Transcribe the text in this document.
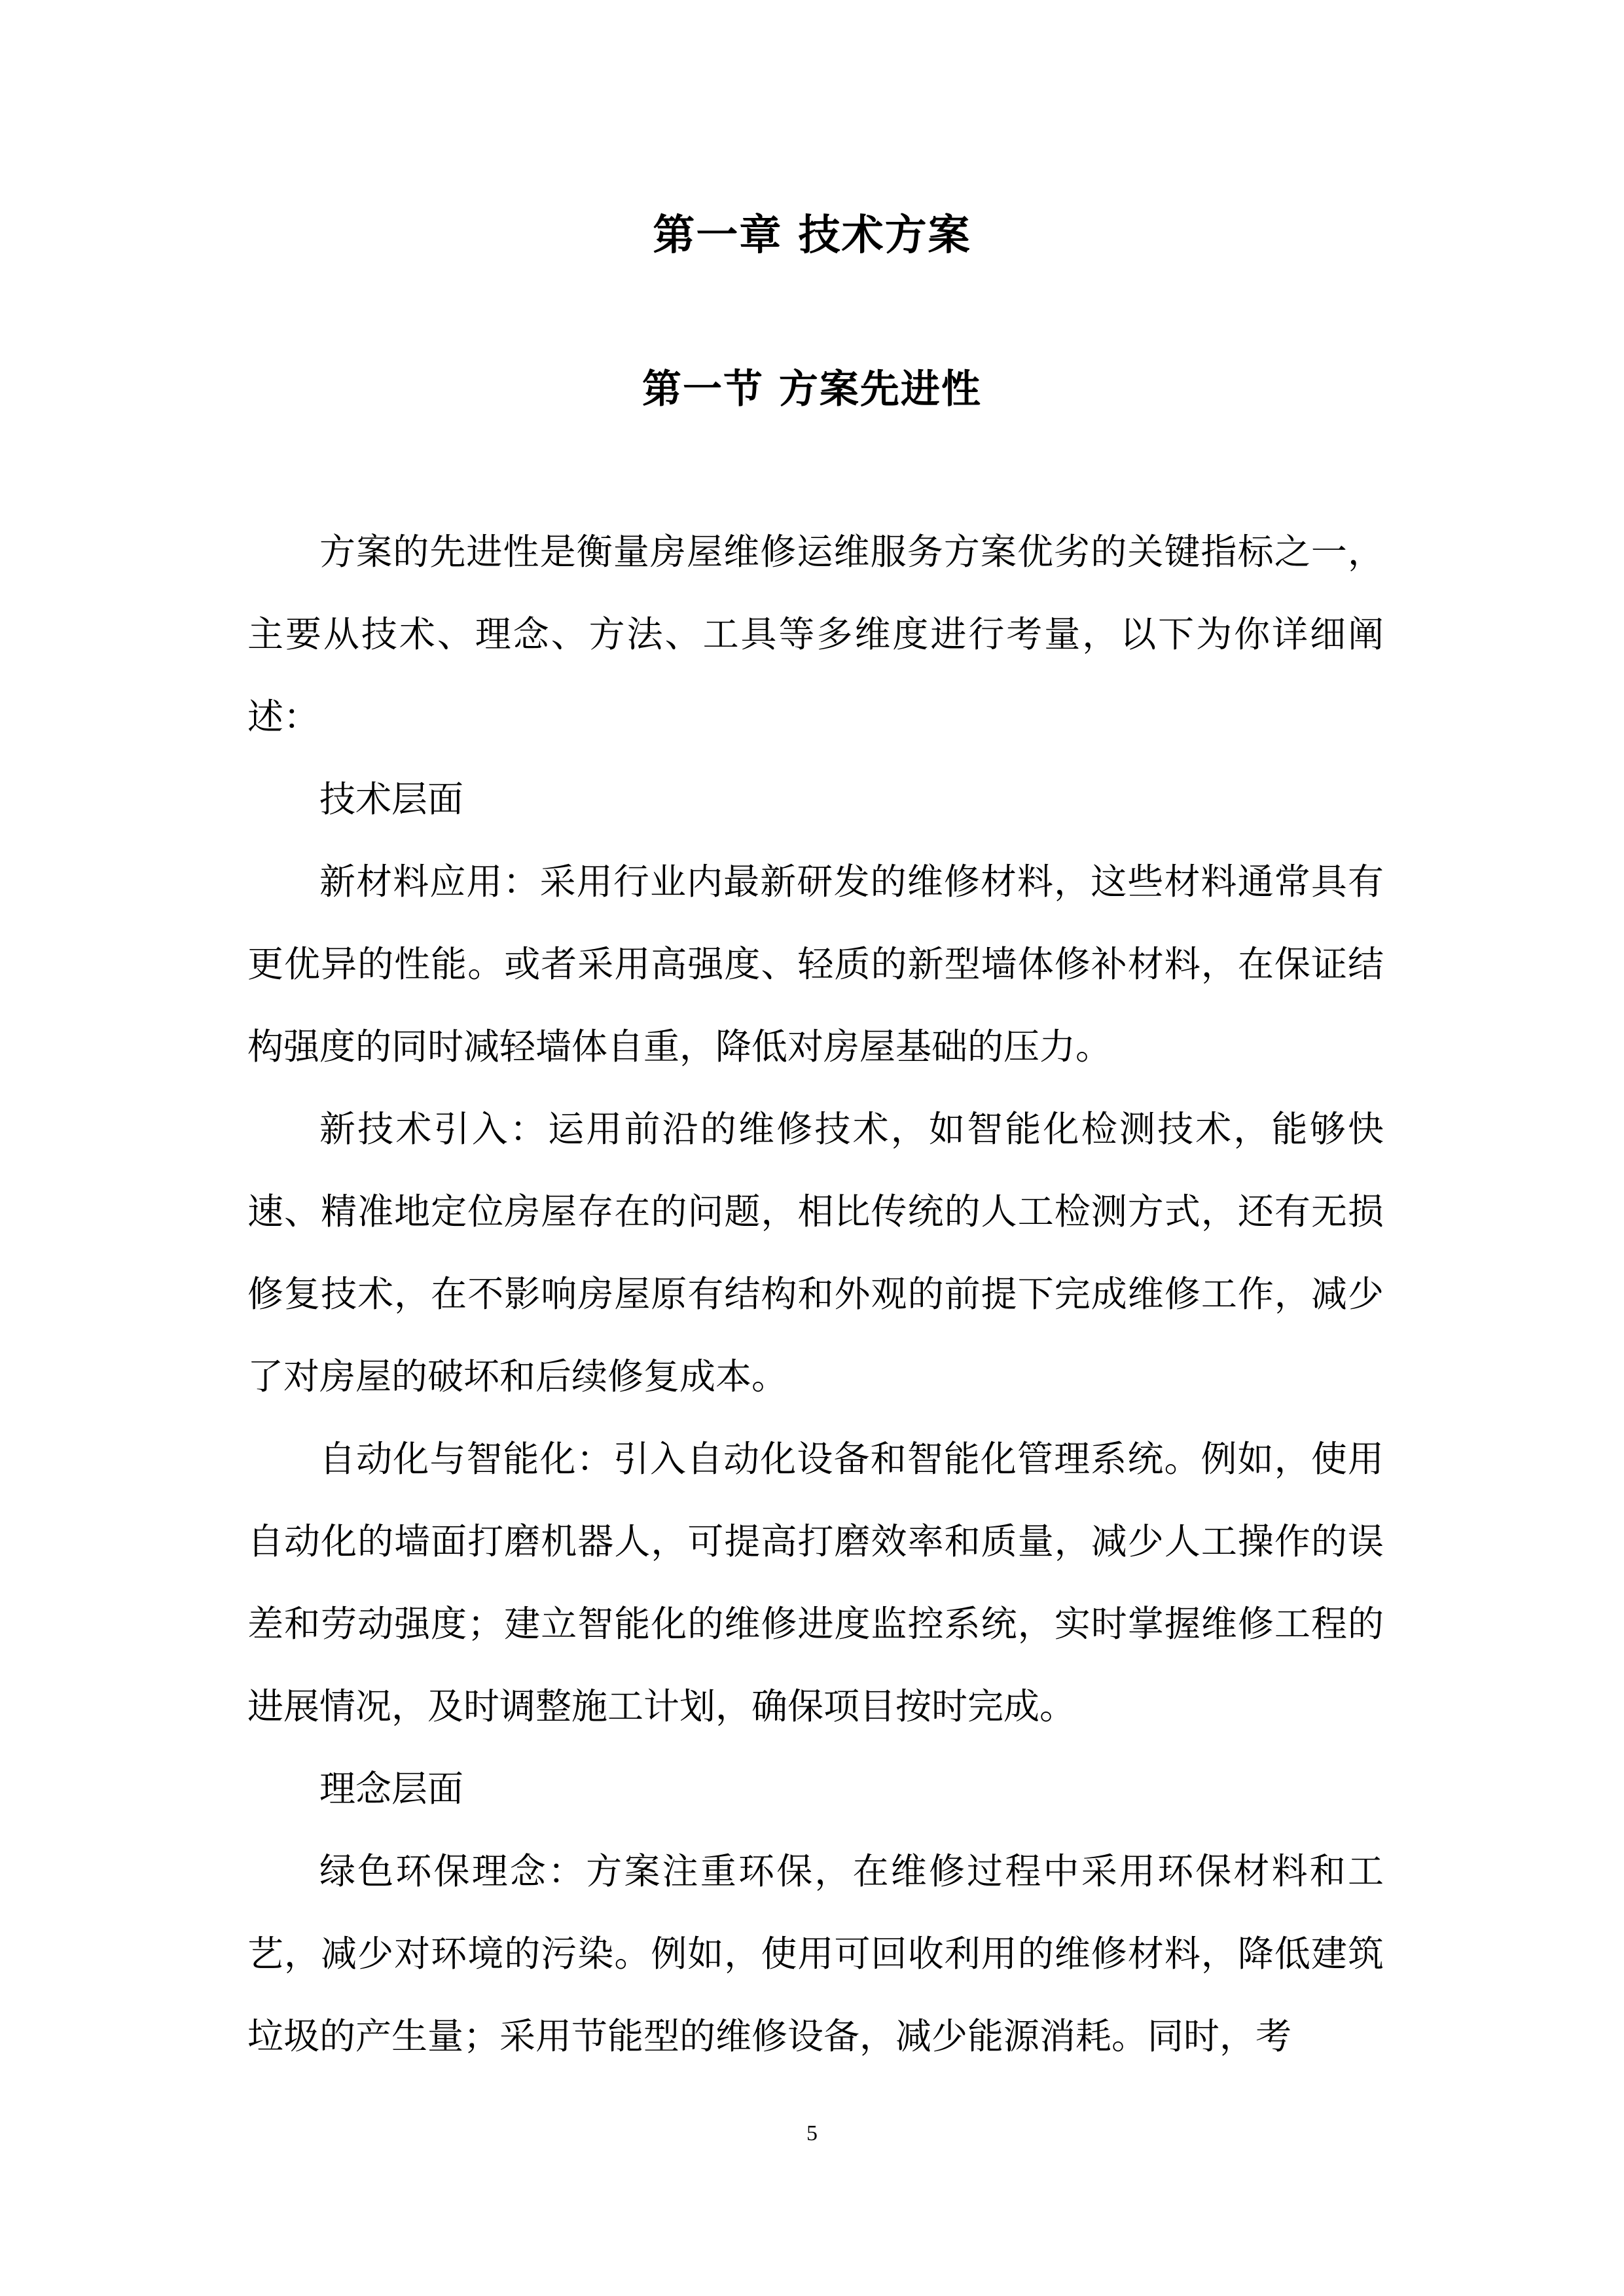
第一章 技术方案
第一节 方案先进性

方案的先进性是衡量房屋维修运维服务方案优劣的关键指标之一，主要从技术、理念、方法、工具等多维度进行考量，以下为你详细阐述：

技术层面

新材料应用：采用行业内最新研发的维修材料，这些材料通常具有更优异的性能。或者采用高强度、轻质的新型墙体修补材料，在保证结构强度的同时减轻墙体自重，降低对房屋基础的压力。

新技术引入：运用前沿的维修技术，如智能化检测技术，能够快速、精准地定位房屋存在的问题，相比传统的人工检测方式，还有无损修复技术，在不影响房屋原有结构和外观的前提下完成维修工作，减少了对房屋的破坏和后续修复成本。

自动化与智能化：引入自动化设备和智能化管理系统。例如，使用自动化的墙面打磨机器人，可提高打磨效率和质量，减少人工操作的误差和劳动强度；建立智能化的维修进度监控系统，实时掌握维修工程的进展情况，及时调整施工计划，确保项目按时完成。

理念层面

绿色环保理念：方案注重环保，在维修过程中采用环保材料和工艺，减少对环境的污染。例如，使用可回收利用的维修材料，降低建筑垃圾的产生量；采用节能型的维修设备，减少能源消耗。同时，考

5
